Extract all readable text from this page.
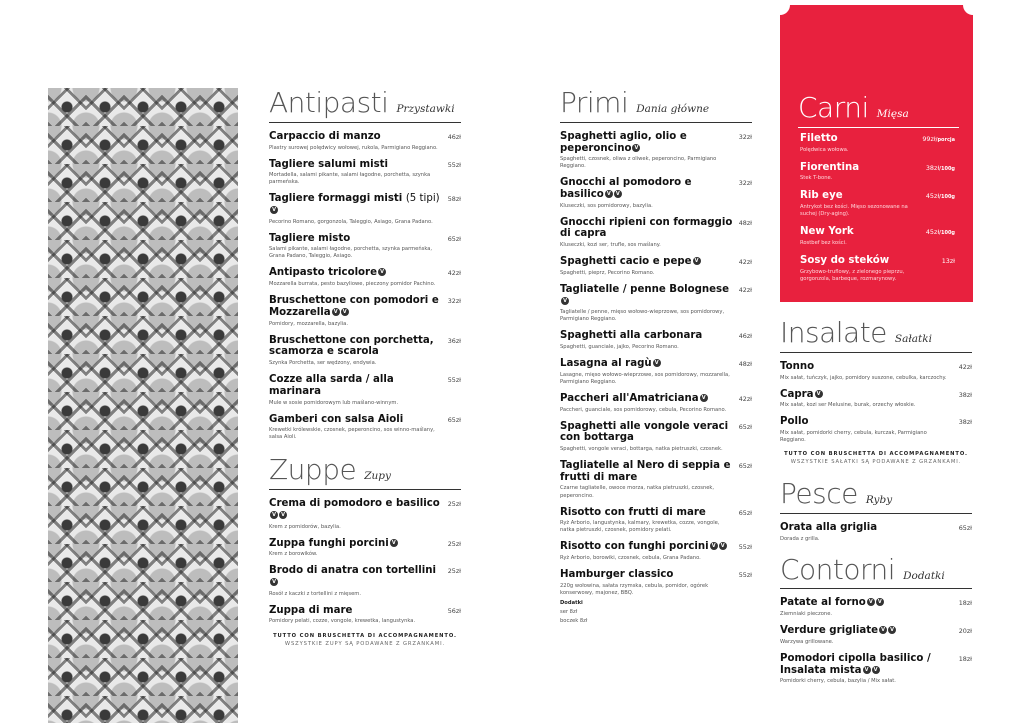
Antipasti Przystawki
Carpaccio di manzo
Plastry surowej polędwicy wołowej, rukola, Parmigiano Reggiano.
46zł
Tagliere salumi misti
Mortadella, salami pikante, salami łagodne, porchetta, szynka parmeńska.
55zł
Tagliere formaggi misti (5 tipi)V
Pecorino Romano, gorgonzola, Taleggio, Asiago, Grana Padano.
58zł
Tagliere misto
Salami pikante, salami łagodne, porchetta, szynka parmeńska, Grana Padano, Taleggio, Asiago.
65zł
Antipasto tricolore V
Mozzarella burrata, pesto bazyliowe, pieczony pomidor Pachino.
42zł
Bruschettone con pomodori e Mozzarella V V
Pomidory, mozzarella, bazylia.
32zł
Bruschettone con porchetta, scamorza e scarola
Szynka Porchetta, ser wędzony, endywia.
36zł
Cozze alla sarda / alla marinara
Mule w sosie pomidorowym lub maślano-winnym.
55zł
Gamberi con salsa Aioli
Krewetki królewskie, czosnek, peperoncino, sos winno-maślany, salsa Aioli.
65zł
Zuppe Zupy
Crema di pomodoro e basilicoV V
Krem z pomidorów, bazylia.
25zł
Zuppa funghi porcini V
Krem z borowików.
25zł
Brodo di anatra con tortelliniV
Rosół z kaczki z tortellini z mięsem.
25zł
Zuppa di mare
Pomidory pelati, cozze, vongole, krewetka, langustynka.
56zł
TUTTO CON BRUSCHETTA DI ACCOMPAGNAMENTO.
WSZYSTKIE ZUPY SĄ PODAWANE Z GRZANKAMI.
Primi Dania główne
Spaghetti aglio, olio e peperoncino V
Spaghetti, czosnek, oliwa z oliwek, peperoncino, Parmigiano Reggiano.
32zł
Gnocchi al pomodoro e basilico V V
Kluseczki, sos pomidorowy, bazylia.
32zł
Gnocchi ripieni con formaggio di capra
Kluseczki, kozi ser, trufle, sos maślany.
48zł
Spaghetti cacio e pepe V
Spaghetti, pieprz, Pecorino Romano.
42zł
Tagliatelle / penne BologneseV
Tagliatelle / penne, mięso wołowo-wieprzowe, sos pomidorowy, Parmigiano Reggiano.
42zł
Spaghetti alla carbonara
Spaghetti, guanciale, jajko, Pecorino Romano.
46zł
Lasagna al ragù V
Lasagne, mięso wołowo-wieprzowe, sos pomidorowy, mozzarella, Parmigiano Reggiano.
48zł
Paccheri all'Amatriciana V
Paccheri, guanciale, sos pomidorowy, cebula, Pecorino Romano.
42zł
Spaghetti alle vongole veraci con bottarga
Spaghetti, vongole veraci, bottarga, natka pietruszki, czosnek.
65zł
Tagliatelle al Nero di seppia e frutti di mare
Czarne tagliatelle, owoce morza, natka pietruszki, czosnek, peperoncino.
65zł
Risotto con frutti di mare
Ryż Arborio, langustynka, kalmary, krewetka, cozze, vongole, natka pietruszki, czosnek, pomidory pelati.
65zł
Risotto con funghi porcini V V
Ryż Arborio, borowiki, czosnek, cebula, Grana Padano.
55zł
Hamburger classico
220g wołowina, sałata rzymska, cebula, pomidor, ogórek konserwowy, majonez, BBQ.
Dodatki
ser 8zł
boczek 8zł
55zł
Carni Mięsa
Filetto
Polędwica wołowa.
99zł/porcja
Fiorentina
Stek T-bone.
38zł/100g
Rib eye
Antrykot bez kości. Mięso sezonowane na suchej (Dry-aging).
45zł/100g
New York
Rostbef bez kości.
45zł/100g
Sosy do steków
Grzybowo-truflowy, z zielonego pieprzu, gorgonzola, barbeque, rozmarynowy.
13zł
Insalate Sałatki
Tonno
Mix sałat, tuńczyk, jajko, pomidory suszone, cebulka, karczochy.
42zł
Capra V
Mix sałat, kozi ser Melusine, burak, orzechy włoskie.
38zł
Pollo
Mix sałat, pomidorki cherry, cebula, kurczak, Parmigiano Reggiano.
38zł
TUTTO CON BRUSCHETTA DI ACCOMPAGNAMENTO.
WSZYSTKIE SAŁATKI SĄ PODAWANE Z GRZANKAMI.
Pesce Ryby
Orata alla griglia
Dorada z grilla.
65zł
Contorni Dodatki
Patate al forno V V
Ziemniaki pieczone.
18zł
Verdure grigliate V V
Warzywa grillowane.
20zł
Pomodori cipolla basilico / Insalata mista V V
Pomidorki cherry, cebula, bazylia / Mix sałat.
18zł
